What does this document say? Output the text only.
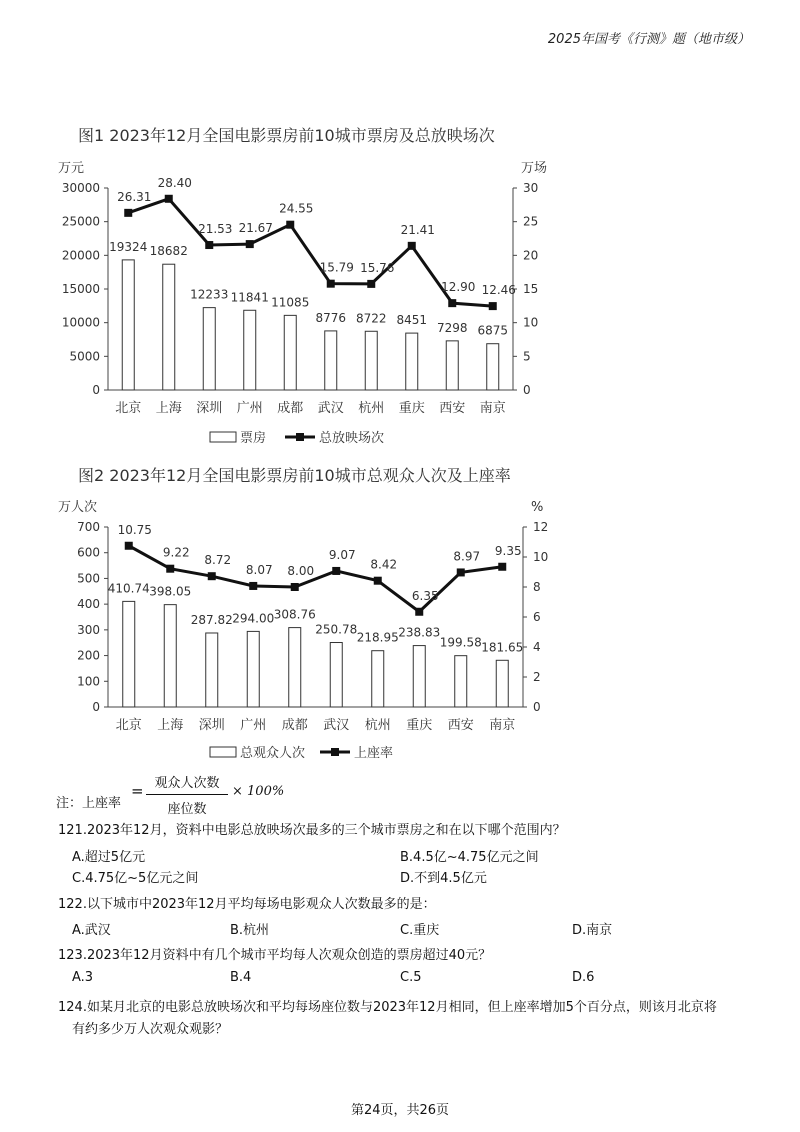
2025年国考《行测》题（地市级）
图1 2023年12月全国电影票房前10城市票房及总放映场次
万元	万场
0
5000
10000
15000
20000
25000
30000
0
5
10
15
20
25
30
北京 上海 深圳 广州 成都 武汉 杭州 重庆 西安 南京
19324 18682
12233 11841 11085
8776 8722 8451
7298 6875
26.31
28.40
21.53 21.67
24.55
15.79 15.76
21.41
12.90 12.46
票房	总放映场次
图2 2023年12月全国电影票房前10城市总观众人次及上座率
万人次	%
0
100
200
300
400
500
600
700
0
2
4
6
8
10
12
北京 上海 深圳 广州 成都 武汉 杭州 重庆 西安 南京
410.74 398.05
287.82 294.00 308.76
250.78
218.95 238.83
199.58 181.65
10.75
9.22
8.72
8.07 8.00
9.07
8.42
6.35
8.97 9.35
总观众人次	上座率
注：上座率
= 观众人次数
座位数
× 100%
121.2023年12月，资料中电影总放映场次最多的三个城市票房之和在以下哪个范围内？
A.超过5亿元	B.4.5亿~4.75亿元之间
C.4.75亿~5亿元之间	D.不到4.5亿元
122.以下城市中2023年12月平均每场电影观众人次数最多的是：
A.武汉	B.杭州	C.重庆	D.南京
123.2023年12月资料中有几个城市平均每人次观众创造的票房超过40元？
A.3	B.4	C.5	D.6
124.如某月北京的电影总放映场次和平均每场座位数与2023年12月相同，但上座率增加5个百分点，则该月北京将
有约多少万人次观众观影？
第24页，共26页
